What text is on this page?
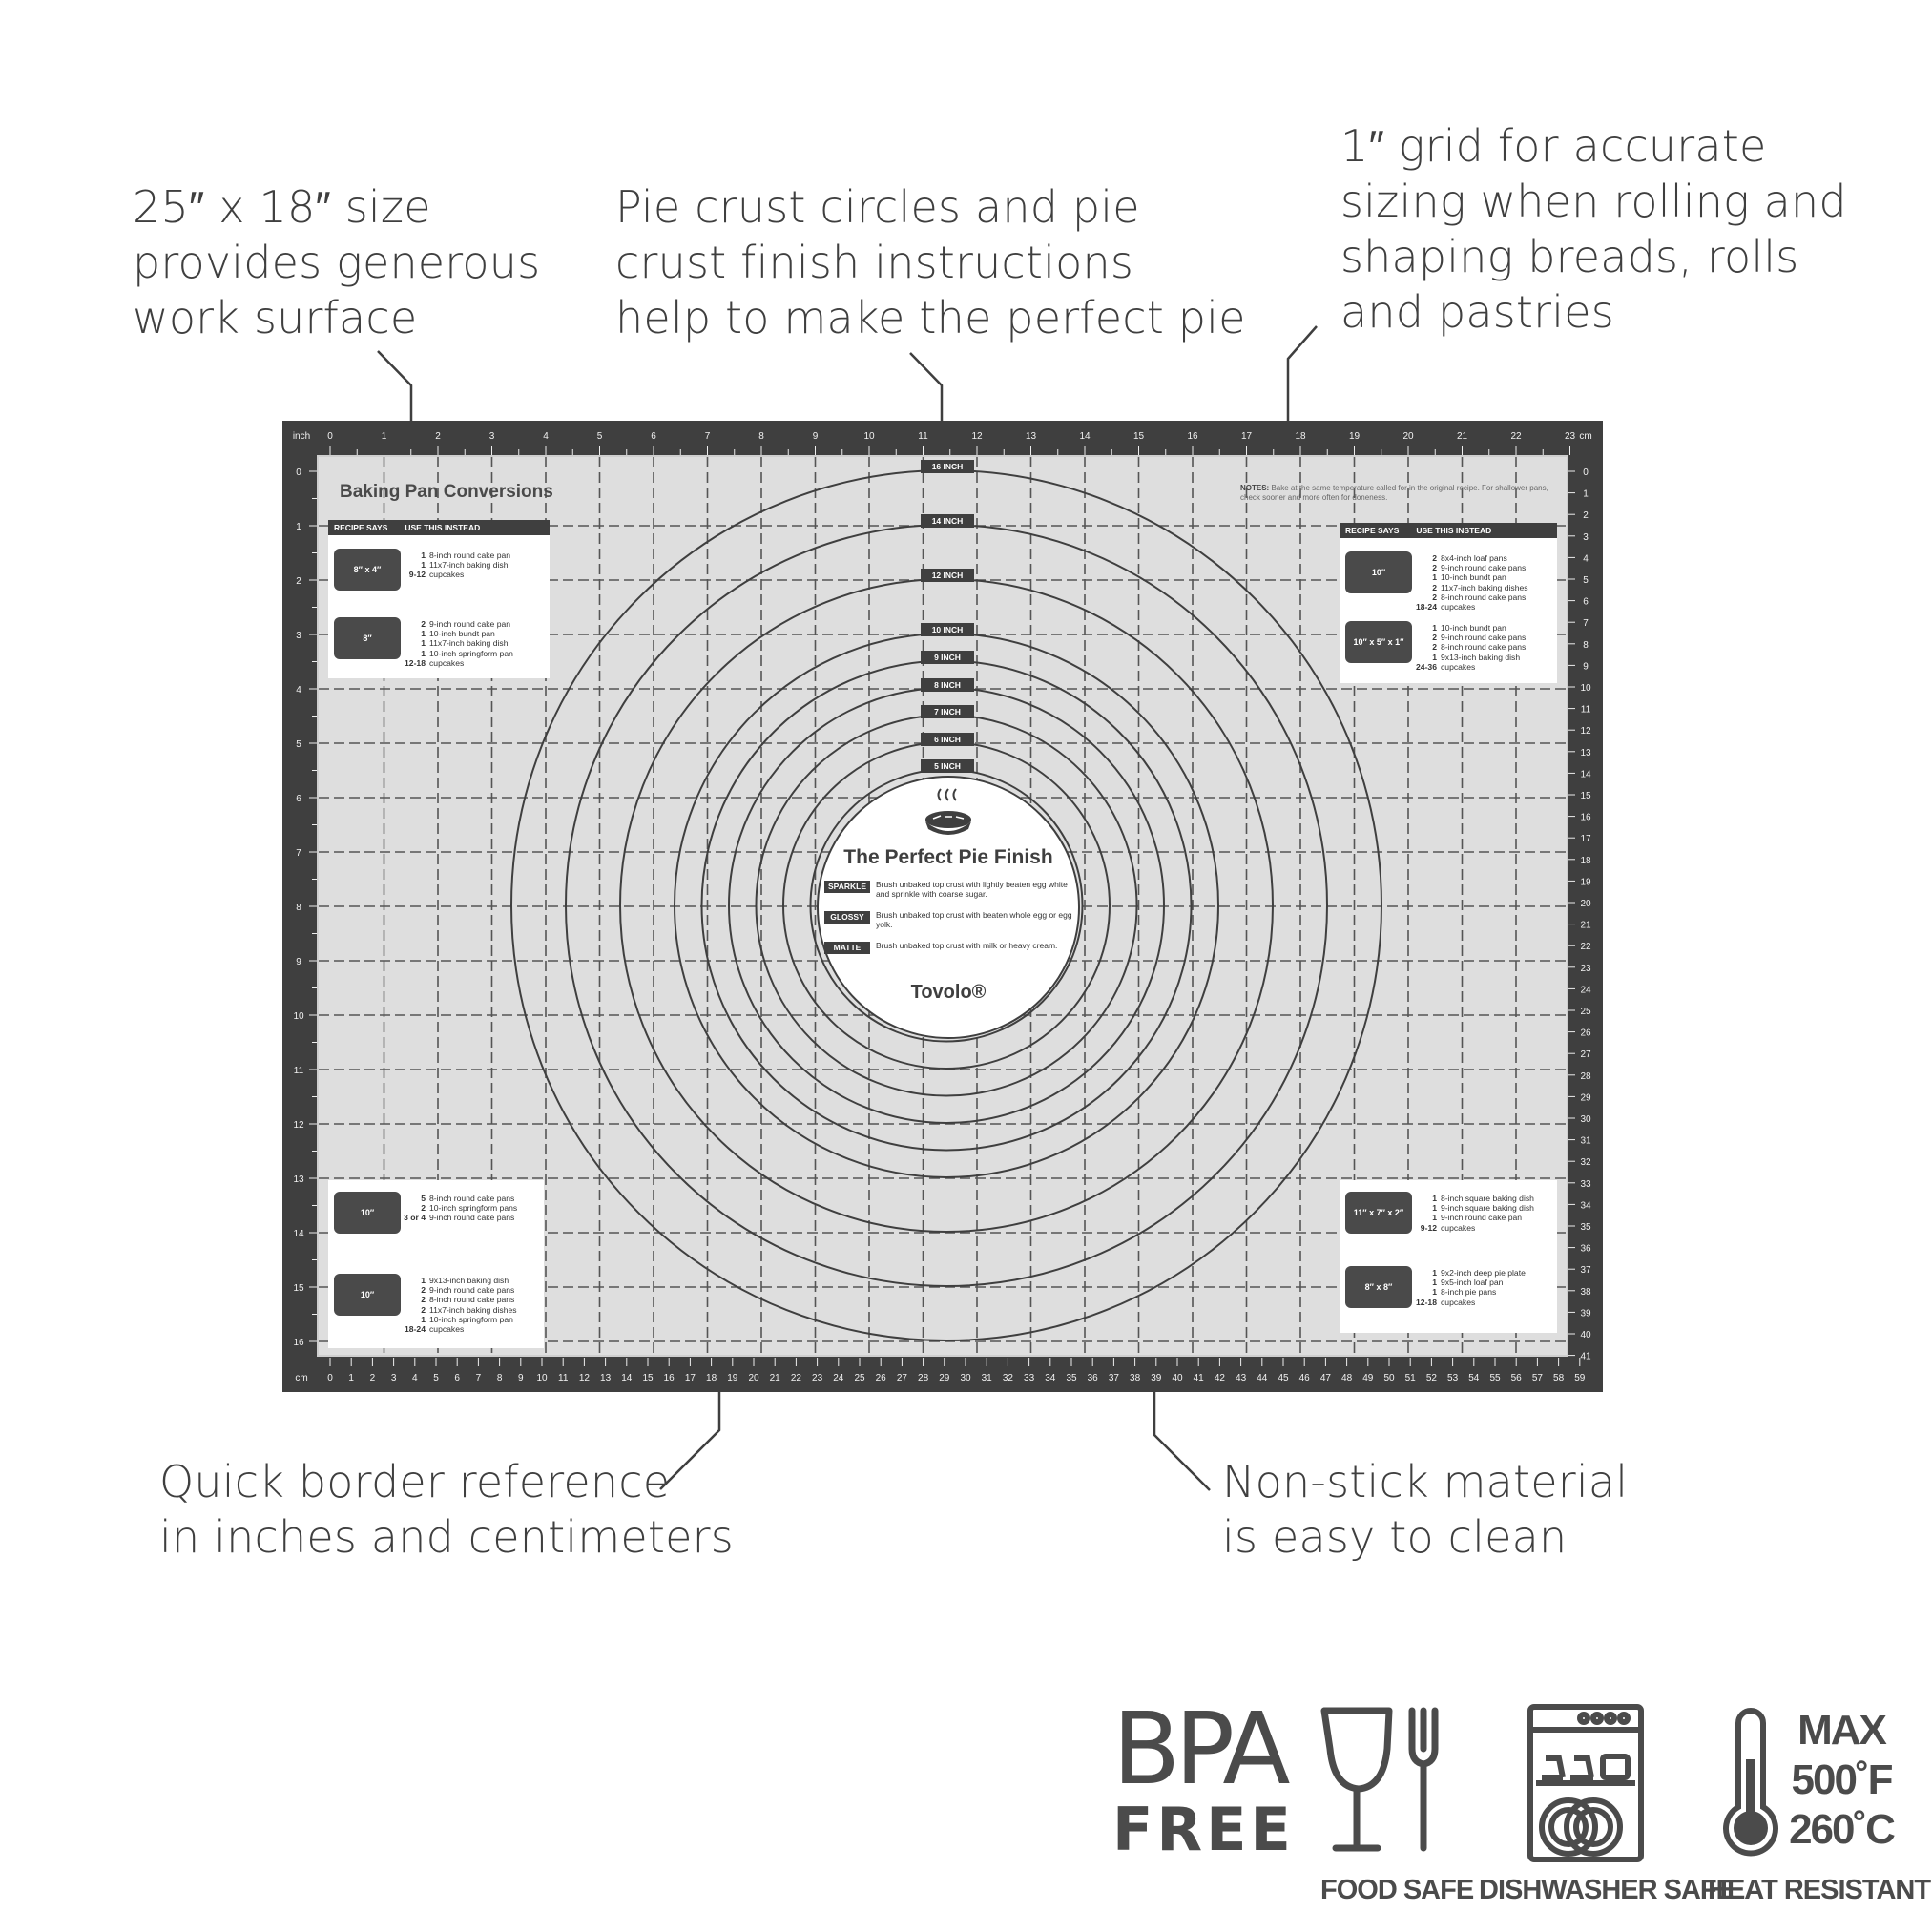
25″ x 18″ size
provides generous
work surface
Pie crust circles and pie
crust finish instructions
help to make the perfect pie
1″ grid for accurate
sizing when rolling and
shaping breads, rolls
and pastries
Quick border reference
in inches and centimeters
Non-stick material
is easy to clean
inch	cm
cm
0	1	2	3	4	5	6	7	8	9	10	11	12	13	14	15	16	17	18	19	20	21	22	23
0
1
2
3
4
5
6
7
8
9
10
11
12
13
14
15
16
0 1 2 3 4 5 6 7 8 9 10 11 12 13 14 15 16 17 18 19 20 21 22 23 24 25 26 27 28 29 30 31 32 33 34 35 36 37 38 39 40 41 42 43 44 45 46 47 48 49 50 51 52 53 54 55 56 57 58 59
0
1
2
3
4
5
6
7
8
9
10
11
12
13
14
15
16
17
18
19
20
21
22
23
24
25
26
27
28
29
30
31
32
33
34
35
36
37
38
39
40
41
Baking Pan Conversions	NOTES: Bake at the same temperature called for in the original recipe. For shallower pans, check sooner and more often for doneness.
RECIPE SAYS USE THIS INSTEAD
8″ x 4″
1 8-inch round cake pan
1 11x7-inch baking dish
9-12 cupcakes
8″
2 9-inch round cake pan
1 10-inch bundt pan
1 11x7-inch baking dish
1 10-inch springform pan
12-18 cupcakes
RECIPE SAYS USE THIS INSTEAD
10″
2 8x4-inch loaf pans
2 9-inch round cake pans
1 10-inch bundt pan
2 11x7-inch baking dishes
2 8-inch round cake pans
18-24 cupcakes
10″ x 5″ x 1″
1 10-inch bundt pan
2 9-inch round cake pans
2 8-inch round cake pans
1 9x13-inch baking dish
24-36 cupcakes
10″
5 8-inch round cake pans
2 10-inch springform pans
3 or 4 9-inch round cake pans
10″
1 9x13-inch baking dish
2 9-inch round cake pans
2 8-inch round cake pans
2 11x7-inch baking dishes
1 10-inch springform pan
18-24 cupcakes
11″ x 7″ x 2″
1 8-inch square baking dish
1 9-inch square baking dish
1 9-inch round cake pan
9-12 cupcakes
8″ x 8″
1 9x2-inch deep pie plate
1 9x5-inch loaf pan
1 8-inch pie pans
12-18 cupcakes
16 INCH
14 INCH
12 INCH
10 INCH
9 INCH
8 INCH
7 INCH
6 INCH
5 INCH
The Perfect Pie Finish
SPARKLE	Brush unbaked top crust with lightly beaten egg white and sprinkle with coarse sugar.
GLOSSY	Brush unbaked top crust with beaten whole egg or egg yolk.
MATTE	Brush unbaked top crust with milk or heavy cream.
Tovolo®
BPA
FREE
FOOD SAFE DISHWASHER SAFE
MAX
500˚F
260˚C
HEAT RESISTANT
